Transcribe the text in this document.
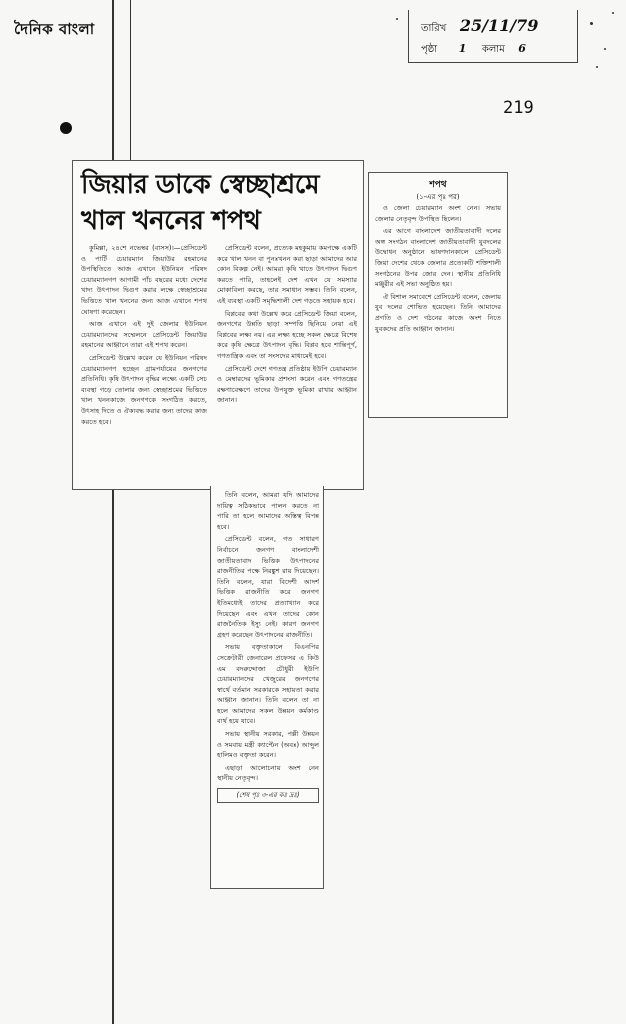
দৈনিক বাংলা	তারিখ 25/11/79
পৃষ্ঠা 1 কলাম 6
219
জিয়ার ডাকে স্বেচ্ছাশ্রমে
খাল খননের শপথ

কুমিল্লা, ২৪শে নভেম্বর (বাসস)।—প্রেসিডেন্ট ও পার্টি চেয়ারম্যান জিয়াউর রহমানের উপস্থিতিতে আজ এখানে ইউনিয়ন পরিষদ চেয়ারম্যানগণ আগামী পাঁচ বছরের মধ্যে দেশের খাদ্য উৎপাদন দ্বিগুণ করার লক্ষে স্বেচ্ছাশ্রমের ভিত্তিতে খাল খননের জন্য আজ এখানে শপথ ঘোষণা করেছেন।

আজ এখানে এই দুই জেলার ইউনিয়ন চেয়ারম্যানদের সম্মেলনে প্রেসিডেন্ট জিয়াউর রহমানের আহ্বানে তারা এই শপথ করেন।

প্রেসিডেন্ট উল্লেখ করেন যে ইউনিয়ন পরিষদ চেয়ারম্যানগণ হচ্ছেন গ্রামপর্যায়ের জনগণের প্রতিনিধি। কৃষি উৎপাদন বৃদ্ধির লক্ষ্যে একটি সেচ ব্যবস্থা গড়ে তোলার জন্য স্বেচ্ছাশ্রমের ভিত্তিতে খাল খননকাজে জনগণকে সংগঠিত করতে, উৎসাহ দিতে ও ঐক্যবদ্ধ করার জন্য তাদের কাজ করতে হবে।

প্রেসিডেন্ট বলেন, প্রত্যেক মহকুমায় কমপক্ষে একটি করে খাল খনন বা পুনঃখনন করা ছাড়া আমাদের আর কোন বিকল্প নেই। আমরা কৃষি খাতে উৎপাদন দ্বিগুণ করতে পারি, তাহলেই দেশ এখন যে সমস্যার মোকাবিলা করছে, তার সমাধান সম্ভব। তিনি বলেন, এই ব্যবস্থা একটি সমৃদ্ধিশালী দেশ গড়তে সহায়ক হবে।

বিপ্লবের কথা উল্লেখ করে প্রেসিডেন্ট জিয়া বলেন, জনগণের উন্নতি ছাড়া সম্পত্তি ছিনিয়ে নেয়া এই বিপ্লবের লক্ষ্য নয়। এর লক্ষ্য হচ্ছে সকল ক্ষেত্রে বিশেষ করে কৃষি ক্ষেত্রে উৎপাদন বৃদ্ধি। বিপ্লব হবে শান্তিপূর্ণ, গণতান্ত্রিক এবং তা সংসদের মাধ্যমেই হবে।

প্রেসিডেন্ট দেশে গণতন্ত্র প্রতিষ্ঠায় ইউপি চেয়ারম্যান ও মেম্বারদের ভূমিকার প্রশংসা করেন এবং গণতন্ত্রের রক্ষণাবেক্ষণে তাদের উপযুক্ত ভূমিকা রাখার আহ্বান জানান।

তিনি বলেন, আমরা যদি আমাদের দায়িত্ব সঠিকভাবে পালন করতে না পারি তা হলে আমাদের অস্তিত্ব বিপন্ন হবে।

প্রেসিডেন্ট বলেন, গত সাধারণ নির্বাচনে জনগণ বাংলাদেশী জাতীয়তাবাদ ভিত্তিক উৎপাদনের রাজনীতির পক্ষে নিরঙ্কুশ রায় দিয়েছেন। তিনি বলেন, যারা বিদেশী আদর্শ ভিত্তিক রাজনীতি করে জনগণ ইতিমধ্যেই তাদের প্রত্যাখ্যান করে দিয়েছেন এবং এখন তাদের কোন রাজনৈতিক ইস্যু নেই। কারণ জনগণ গ্রহণ করেছেন উৎপাদনের রাজনীতি।

সভায় বক্তৃতাকালে বিএনপির সেক্রেটারী জেনারেল প্রফেসর এ কিউ এম বদরুদ্দোজা চৌধুরী ইউপি চেয়ারম্যানদের খেজুরের জনগণের স্বার্থে বর্তমান সরকারকে সহায়তা করার আহ্বান জানান। তিনি বলেন তা না হলে আমাদের সকল উন্নয়ন কর্মকাণ্ড ব্যর্থ হয়ে যাবে।

সভায় স্থানীয় সরকার, পল্লী উন্নয়ন ও সমবায় মন্ত্রী ক্যাপ্টেন (অবঃ) আব্দুল হালিমও বক্তৃতা করেন।

এছাড়া আলোচনায় অংশ নেন স্থানীয় নেতৃবৃন্দ।

(শেষ পৃঃ ৩-এর কঃ দ্রঃ)

শপথ
(১-এর পৃঃ পর)

ও জেলা চেয়ারম্যান অংশ নেন। সভায় জেলার নেতৃবৃন্দ উপস্থিত ছিলেন।

এর আগে বাংলাদেশ জাতীয়তাবাদী দলের অঙ্গ সংগঠন বাংলাদেশ জাতীয়তাবাদী যুবদলের উদ্বোধন অনুষ্ঠানে ভাষণদানকালে প্রেসিডেন্ট জিয়া দেশের থেকে জেলার প্রত্যেকটি শক্তিশালী সংগঠনের উপর জোর দেন। স্থানীয় প্রতিনিধি মঞ্জুরীর এই সভা অনুষ্ঠিত হয়।

ঐ বিশাল সমাবেশে প্রেসিডেন্ট বলেন, জেলায় যুব দলের শোভিত হয়েছেন। তিনি আমাদের প্রগতি ও দেশ গঠনের কাজে অংশ নিতে যুবকদের প্রতি আহ্বান জানান।
